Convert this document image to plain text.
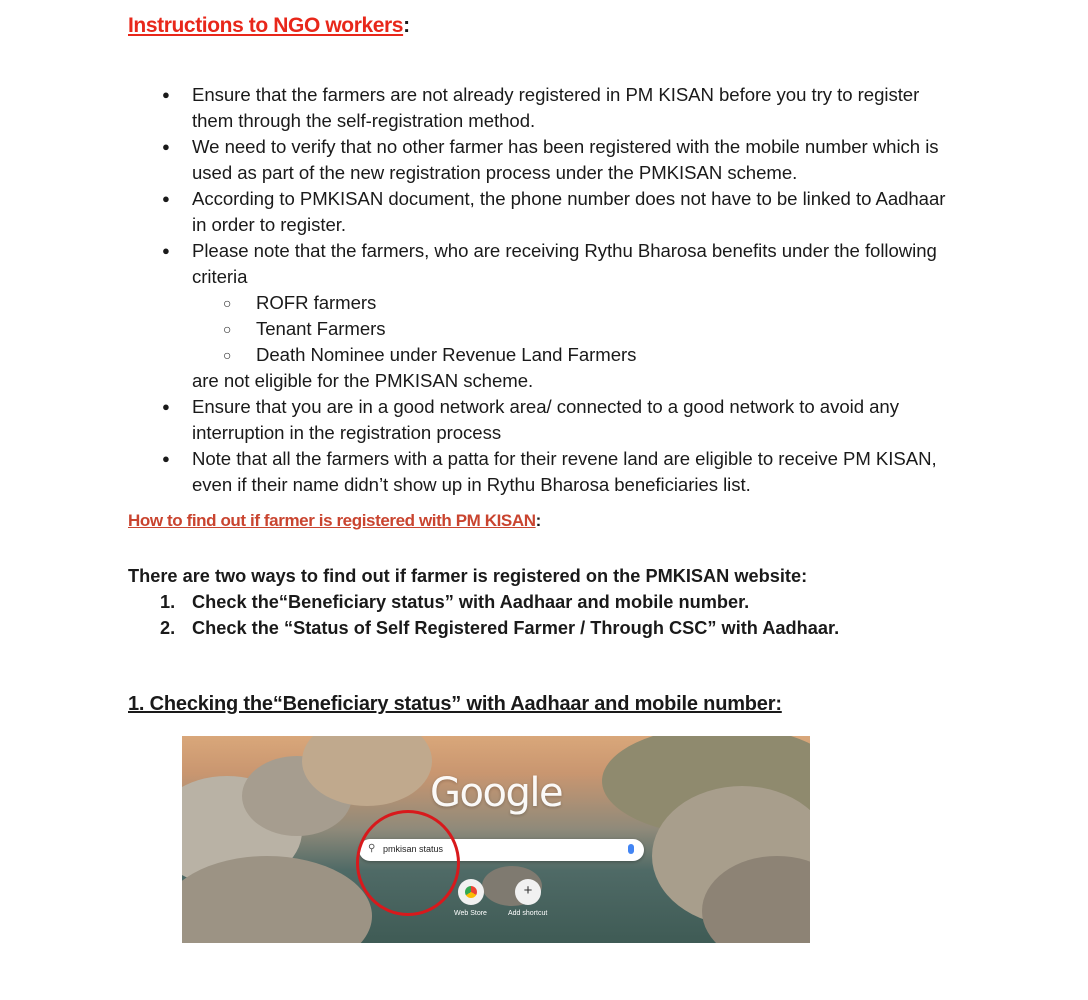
Instructions to NGO workers:
● Ensure that the farmers are not already registered in PM KISAN before you try to register them through the self-registration method.
● We need to verify that no other farmer has been registered with the mobile number which is used as part of the new registration process under the PMKISAN scheme.
● According to PMKISAN document, the phone number does not have to be linked to Aadhaar in order to register.
● Please note that the farmers, who are receiving Rythu Bharosa benefits under the following criteria
○ ROFR farmers
○ Tenant Farmers
○ Death Nominee under Revenue Land Farmers
are not eligible for the PMKISAN scheme.
● Ensure that you are in a good network area/ connected to a good network to avoid any interruption in the registration process
● Note that all the farmers with a patta for their revene land are eligible to receive PM KISAN, even if their name didn’t show up in Rythu Bharosa beneficiaries list.
How to find out if farmer is registered with PM KISAN:
There are two ways to find out if farmer is registered on the PMKISAN website:
1. Check the“Beneficiary status” with Aadhaar and mobile number.
2. Check the “Status of Self Registered Farmer / Through CSC” with Aadhaar.
1. Checking the“Beneficiary status” with Aadhaar and mobile number:
Google
⚲ pmkisan status
+
Web Store	Add shortcut
